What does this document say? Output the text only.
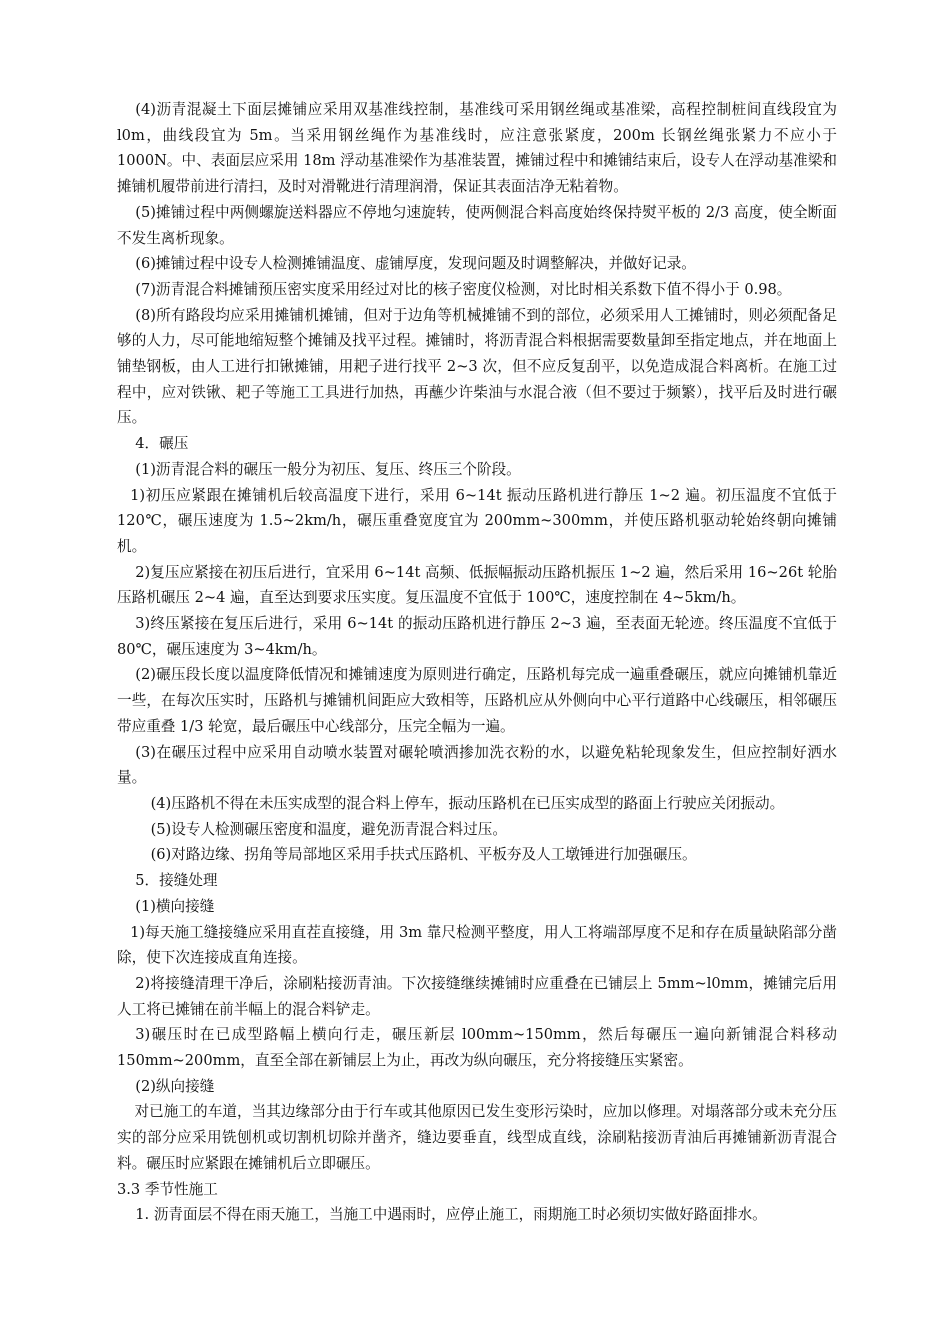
(4)沥青混凝土下面层摊铺应采用双基准线控制，基准线可采用钢丝绳或基准梁，高程控制桩间直线段宜为 l0m，曲线段宜为 5m。当采用钢丝绳作为基准线时，应注意张紧度，200m 长钢丝绳张紧力不应小于 1000N。中、表面层应采用 18m 浮动基准梁作为基准装置，摊铺过程中和摊铺结束后，设专人在浮动基准梁和摊铺机履带前进行清扫，及时对滑靴进行清理润滑，保证其表面洁净无粘着物。

(5)摊铺过程中两侧螺旋送料器应不停地匀速旋转，使两侧混合料高度始终保持熨平板的 2/3 高度，使全断面不发生离析现象。

(6)摊铺过程中设专人检测摊铺温度、虚铺厚度，发现问题及时调整解决，并做好记录。

(7)沥青混合料摊铺预压密实度采用经过对比的核子密度仪检测，对比时相关系数下值不得小于 0.98。

(8)所有路段均应采用摊铺机摊铺，但对于边角等机械摊铺不到的部位，必须采用人工摊铺时，则必须配备足够的人力，尽可能地缩短整个摊铺及找平过程。摊铺时，将沥青混合料根据需要数量卸至指定地点，并在地面上铺垫钢板，由人工进行扣锹摊铺，用耙子进行找平 2~3 次，但不应反复刮平，以免造成混合料离析。在施工过程中，应对铁锹、耙子等施工工具进行加热，再蘸少许柴油与水混合液（但不要过于频繁），找平后及时进行碾压。

4．碾压

(1)沥青混合料的碾压一般分为初压、复压、终压三个阶段。

1)初压应紧跟在摊铺机后较高温度下进行，采用 6~14t 振动压路机进行静压 1~2 遍。初压温度不宜低于 120℃，碾压速度为 1.5~2km/h，碾压重叠宽度宜为 200mm~300mm，并使压路机驱动轮始终朝向摊铺机。

2)复压应紧接在初压后进行，宜采用 6~14t 高频、低振幅振动压路机振压 1~2 遍，然后采用 16~26t 轮胎压路机碾压 2~4 遍，直至达到要求压实度。复压温度不宜低于 100℃，速度控制在 4~5km/h。

3)终压紧接在复压后进行，采用 6~14t 的振动压路机进行静压 2~3 遍，至表面无轮迹。终压温度不宜低于 80℃，碾压速度为 3~4km/h。

(2)碾压段长度以温度降低情况和摊铺速度为原则进行确定，压路机每完成一遍重叠碾压，就应向摊铺机靠近一些，在每次压实时，压路机与摊铺机间距应大致相等，压路机应从外侧向中心平行道路中心线碾压，相邻碾压带应重叠 1/3 轮宽，最后碾压中心线部分，压完全幅为一遍。

(3)在碾压过程中应采用自动喷水装置对碾轮喷洒掺加洗衣粉的水，以避免粘轮现象发生，但应控制好洒水量。

(4)压路机不得在未压实成型的混合料上停车，振动压路机在已压实成型的路面上行驶应关闭振动。

(5)设专人检测碾压密度和温度，避免沥青混合料过压。

(6)对路边缘、拐角等局部地区采用手扶式压路机、平板夯及人工墩锤进行加强碾压。

5．接缝处理

(1)横向接缝

1)每天施工缝接缝应采用直茬直接缝，用 3m 靠尺检测平整度，用人工将端部厚度不足和存在质量缺陷部分凿除，使下次连接成直角连接。

2)将接缝清理干净后，涂刷粘接沥青油。下次接缝继续摊铺时应重叠在已铺层上 5mm~l0mm，摊铺完后用人工将已摊铺在前半幅上的混合料铲走。

3)碾压时在已成型路幅上横向行走，碾压新层 l00mm~150mm，然后每碾压一遍向新铺混合料移动 150mm~200mm，直至全部在新铺层上为止，再改为纵向碾压，充分将接缝压实紧密。

(2)纵向接缝

对已施工的车道，当其边缘部分由于行车或其他原因已发生变形污染时，应加以修理。对塌落部分或未充分压实的部分应采用铣刨机或切割机切除并凿齐，缝边要垂直，线型成直线，涂刷粘接沥青油后再摊铺新沥青混合料。碾压时应紧跟在摊铺机后立即碾压。

3.3 季节性施工

1. 沥青面层不得在雨天施工，当施工中遇雨时，应停止施工，雨期施工时必须切实做好路面排水。
